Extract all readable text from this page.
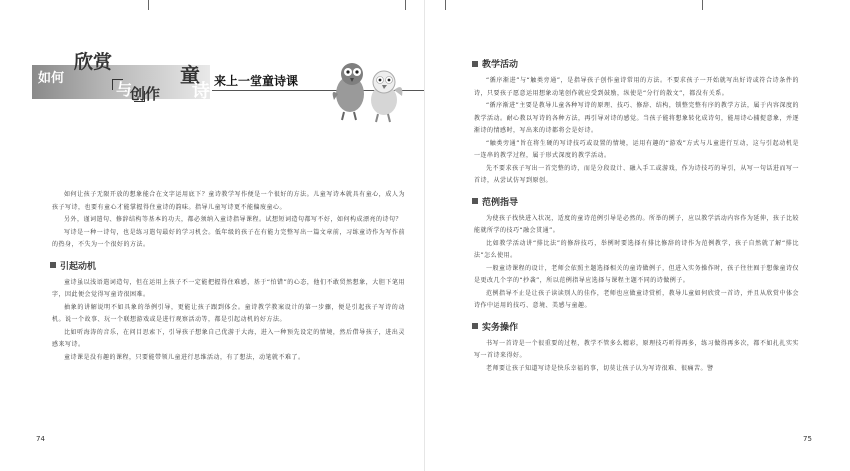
如何
欣赏
与
创作
童
诗 来上一堂童诗课

如何让孩子无限开放的想象能合在文字运用底下？童诗教学写作便是一个很好的方法。儿童写诗本就具有童心，成人为孩子写诗，也要有童心才能掌握得住童诗的韵味。指导儿童写诗更不能偏废童心。

另外，谨词遣句、修辞结构等基本的功夫，都必须纳入童诗指导课程。试想短词造句都写不好，如何构成漂亮的诗句？

写诗是一种一诗句，也是练习遣句最好的学习机会。低年级的孩子在有能力完整写出一篇文章前，习练童诗作为写作前的热身，不失为一个很好的方法。

引起动机

童诗虽以浅语遣词造句，但在运用上孩子不一定能把握得住难感，基于“怕错”的心态，他们不敢贸然想象，大胆下笔用字，因此便会觉得写童诗很困难。

抽象的讲解说明不如具象的举例引导，更能让孩子跟到体会。童诗教学教案设计的第一步骤，便是引起孩子写诗的动机。说一个故事、玩一个联想游戏或是进行观察活动等，都是引起动机的好方法。

比如听海涛的音乐，在问目思索下，引导孩子想象自己优游于大海，进入一种预先设定的情境，然后借导孩子，进出灵感来写诗。

童诗课是没有趣的课程，只要能带领儿童进行思维活动，有了想法，动笔就不难了。

74
教学活动

“循序渐进”与“触类旁通”，是指导孩子创作童诗常用的方法。不要求孩子一开始就写出好诗或符合诗条件的诗，只要孩子愿意运用想象动笔创作就应受到鼓励，纵使是“分行的散文”，都没有关系。

“循序渐进”主要是教导儿童各种写诗的原理、技巧、修辞、结构，锁整完整有序的教学方法，属于内容深度的教学活动。耐心教以写诗的各种方法，再引导对诗的感觉。当孩子能将想象转化成诗句，能用诗心捕捉意象，并逐渐诗的情感时，写出来的诗都将会是好诗。

“触类旁通”旨在将生硬的写诗技巧或设置的情境，运用有趣的“游戏”方式与儿童进行互动，这与引起动机是一连串的教学过程，属于形式深度的教学活动。

先不要求孩子写出一首完整的诗，而是分段设计、融入手工或游戏，作为诗技巧的导引，从写一句话进而写一首诗，从尝试仿写到原创。

范例指导

为使孩子找快进入状况，适度的童诗范例引导是必然的。所举的例子，应以教学活动内容作为延伸，孩子比较能就所学的技巧“融会贯通”。

比如教学活动讲“排比法”的修辞技巧，举例时要选择有排比修辞的诗作为范例教学，孩子自然就了解“排比法”怎么使用。

一般童诗课程的设计，老师会依照主题选择相关的童诗做例子，但进入实务操作时，孩子往往囿于想像童诗仅是更改几个字的“抄袭”，所以范例指导应选择与课程主题不同的诗做例子。

范例指导不止是让孩子读读别人的佳作，老师也应做童诗赏析，教导儿童如何欣赏一首诗，并且从欣赏中体会诗作中运用的技巧、意境、美感与童趣。

实务操作

书写一首诗是一个很重要的过程，教学不管多么精彩，原理技巧听得再多，练习做得再多次，都不如扎扎实实写一首诗来得好。

老师要让孩子知道写诗是快乐幸福的事，切莫让孩子认为写诗很难、很痛苦。譬

75
